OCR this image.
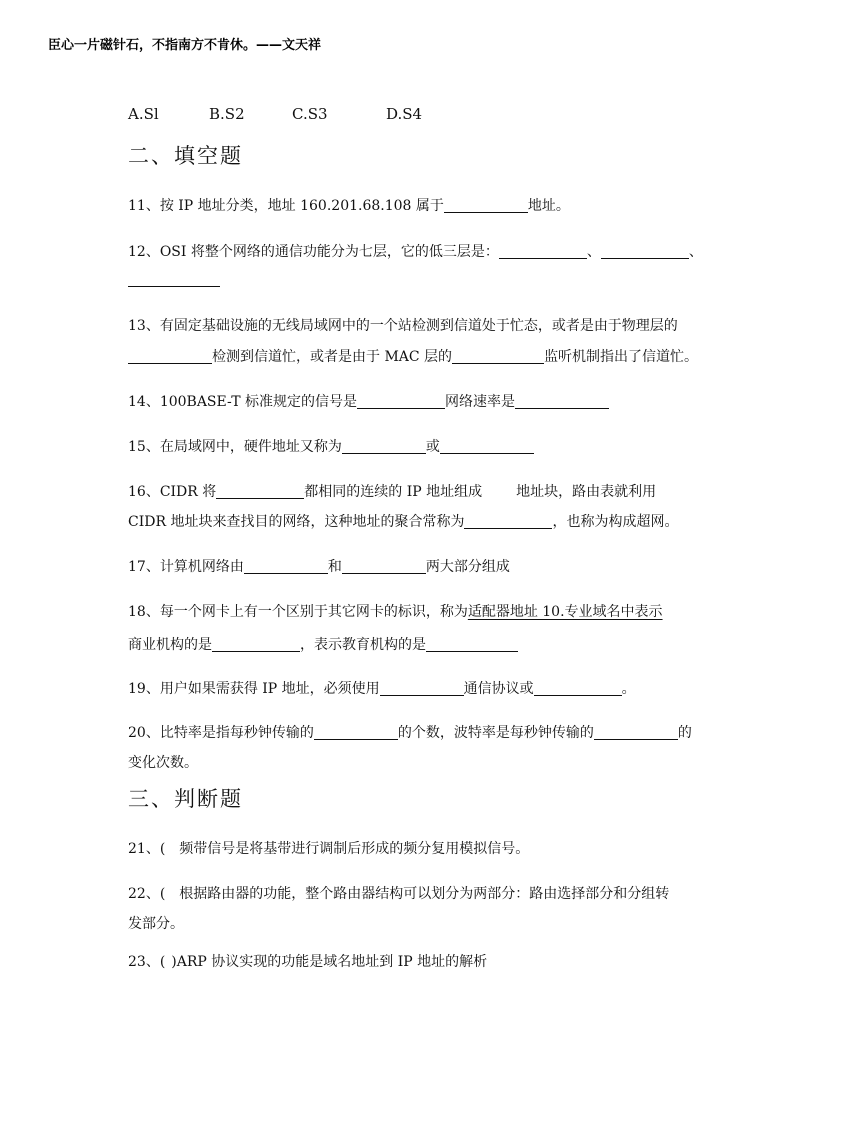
臣心一片磁针石，不指南方不肯休。——文天祥
A.Sl	B.S2	C.S3	D.S4
二、填空题
11、按 IP 地址分类，地址 160.201.68.108 属于	地址。
12、OSI 将整个网络的通信功能分为七层，它的低三层是：	、	、
13、有固定基础设施的无线局域网中的一个站检测到信道处于忙态，或者是由于物理层的
检测到信道忙，或者是由于 MAC 层的	监听机制指出了信道忙。
14、100BASE-T 标准规定的信号是	网络速率是
15、在局域网中，硬件地址又称为	或
16、CIDR 将	都相同的连续的 IP 地址组成 地址块，路由表就利用
CIDR 地址块来查找目的网络，这种地址的聚合常称为	，也称为构成超网。
17、计算机网络由	和	两大部分组成
18、每一个网卡上有一个区别于其它网卡的标识，称为适配器地址 10.专业域名中表示
商业机构的是	，表示教育机构的是
19、用户如果需获得 IP 地址，必须使用	通信协议或	。
20、比特率是指每秒钟传输的	的个数，波特率是每秒钟传输的	的
变化次数。
三、判断题
21、( 频带信号是将基带进行调制后形成的频分复用模拟信号。
22、( 根据路由器的功能，整个路由器结构可以划分为两部分：路由选择部分和分组转
发部分。
23、( )ARP 协议实现的功能是域名地址到 IP 地址的解析
